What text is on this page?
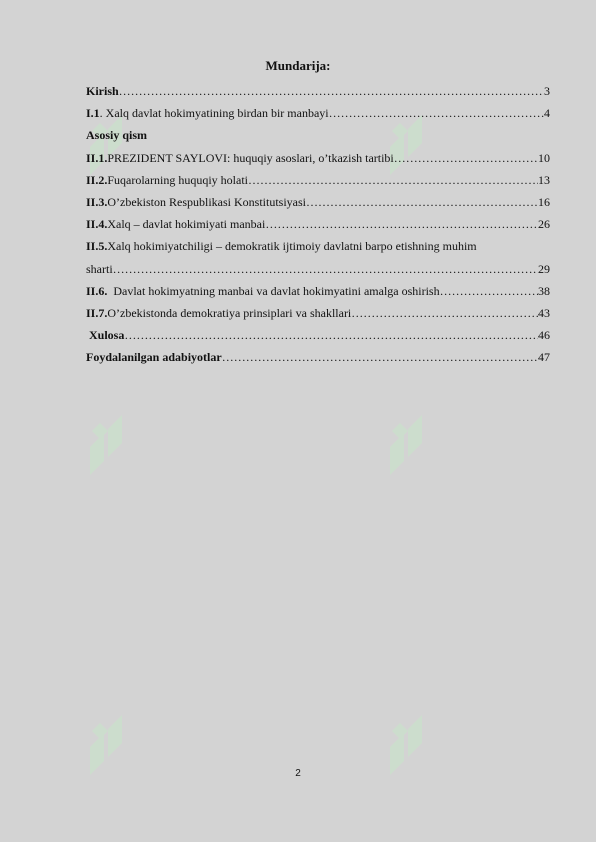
Mundarija:
Kirish ………………………………………………………………………………………………………………………………………………………………	3
I.1 . Xalq davlat hokimyatining birdan bir manbayi ………………………………………………………………………………………………………………………………………………………………	4
Asosiy qism
II.1. PREZIDENT SAYLOVI: huquqiy asoslari, o’tkazish tartibi ………………………………………………………………………………………………………………………………………………………………	10
II.2. Fuqarolarning huquqiy holati ………………………………………………………………………………………………………………………………………………………………	13
II.3. O’zbekiston Respublikasi Konstitutsiyasi ………………………………………………………………………………………………………………………………………………………………	16
II.4. Xalq – davlat hokimiyati manbai ………………………………………………………………………………………………………………………………………………………………	26
II.5. Xalq hokimiyatchiligi – demokratik ijtimoiy davlatni barpo etishning muhim
sharti ………………………………………………………………………………………………………………………………………………………………	29
II.6. Davlat hokimyatning manbai va davlat hokimyatini amalga oshirish ………………………………………………………………………………………………………………………………………………………………	38
II.7. O’zbekistonda demokratiya prinsiplari va shakllari ………………………………………………………………………………………………………………………………………………………………	43
Xulosa ………………………………………………………………………………………………………………………………………………………………	46
Foydalanilgan adabiyotlar ………………………………………………………………………………………………………………………………………………………………	47
2
